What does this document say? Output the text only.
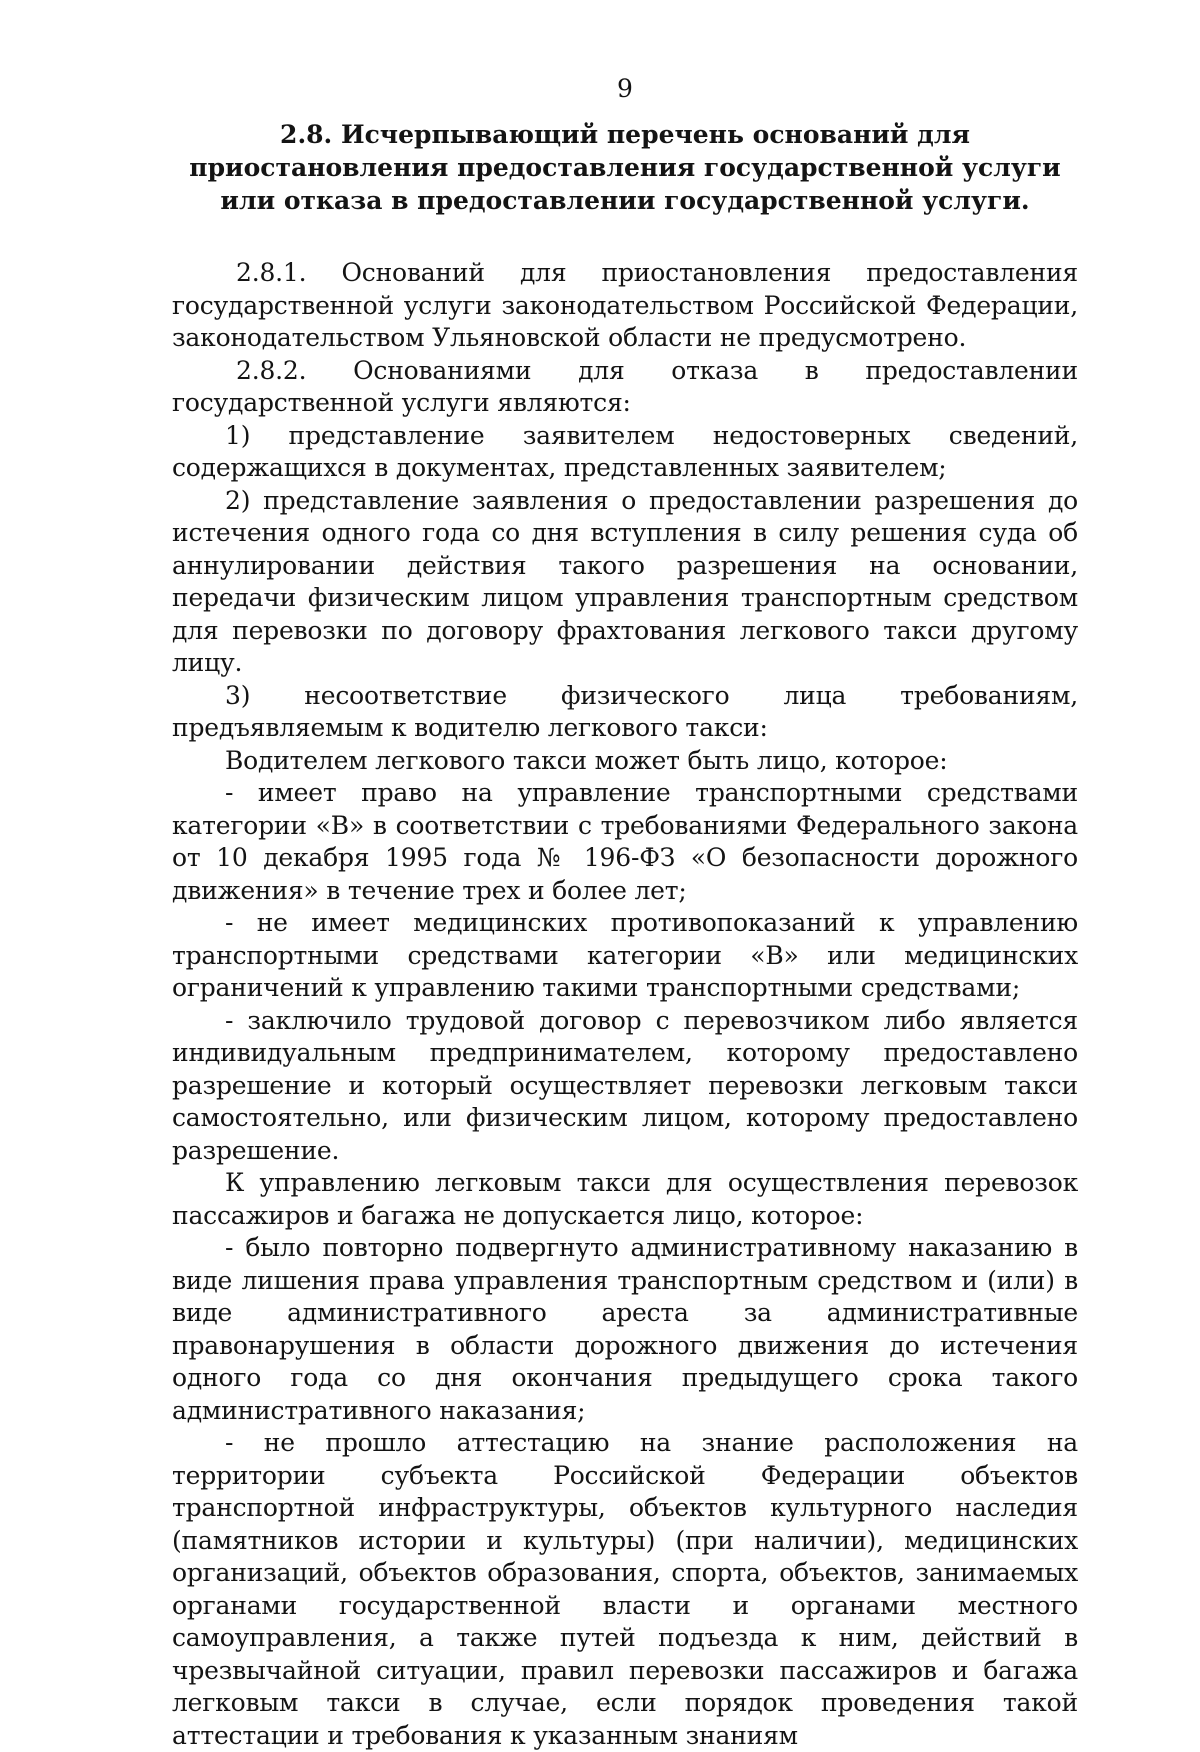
9
2.8. Исчерпывающий перечень оснований для приостановления предоставления государственной услуги или отказа в предоставлении государственной услуги.

2.8.1. Оснований для приостановления предоставления государственной услуги законодательством Российской Федерации, законодательством Ульяновской области не предусмотрено.

2.8.2. Основаниями для отказа в предоставлении государственной услуги являются:

1) представление заявителем недостоверных сведений, содержащихся в документах, представленных заявителем;

2) представление заявления о предоставлении разрешения до истечения одного года со дня вступления в силу решения суда об аннулировании действия такого разрешения на основании, передачи физическим лицом управления транспортным средством для перевозки по договору фрахтования легкового такси другому лицу.

3) несоответствие физического лица требованиям, предъявляемым к водителю легкового такси:

Водителем легкового такси может быть лицо, которое:

- имеет право на управление транспортными средствами категории «В» в соответствии с требованиями Федерального закона от 10 декабря 1995 года № 196-ФЗ «О безопасности дорожного движения» в течение трех и более лет;

- не имеет медицинских противопоказаний к управлению транспортными средствами категории «В» или медицинских ограничений к управлению такими транспортными средствами;

- заключило трудовой договор с перевозчиком либо является индивидуальным предпринимателем, которому предоставлено разрешение и который осуществляет перевозки легковым такси самостоятельно, или физическим лицом, которому предоставлено разрешение.

К управлению легковым такси для осуществления перевозок пассажиров и багажа не допускается лицо, которое:

- было повторно подвергнуто административному наказанию в виде лишения права управления транспортным средством и (или) в виде административного ареста за административные правонарушения в области дорожного движения до истечения одного года со дня окончания предыдущего срока такого административного наказания;

- не прошло аттестацию на знание расположения на территории субъекта Российской Федерации объектов транспортной инфраструктуры, объектов культурного наследия (памятников истории и культуры) (при наличии), медицинских организаций, объектов образования, спорта, объектов, занимаемых органами государственной власти и органами местного самоуправления, а также путей подъезда к ним, действий в чрезвычайной ситуации, правил перевозки пассажиров и багажа легковым такси в случае, если порядок проведения такой аттестации и требования к указанным знаниям
